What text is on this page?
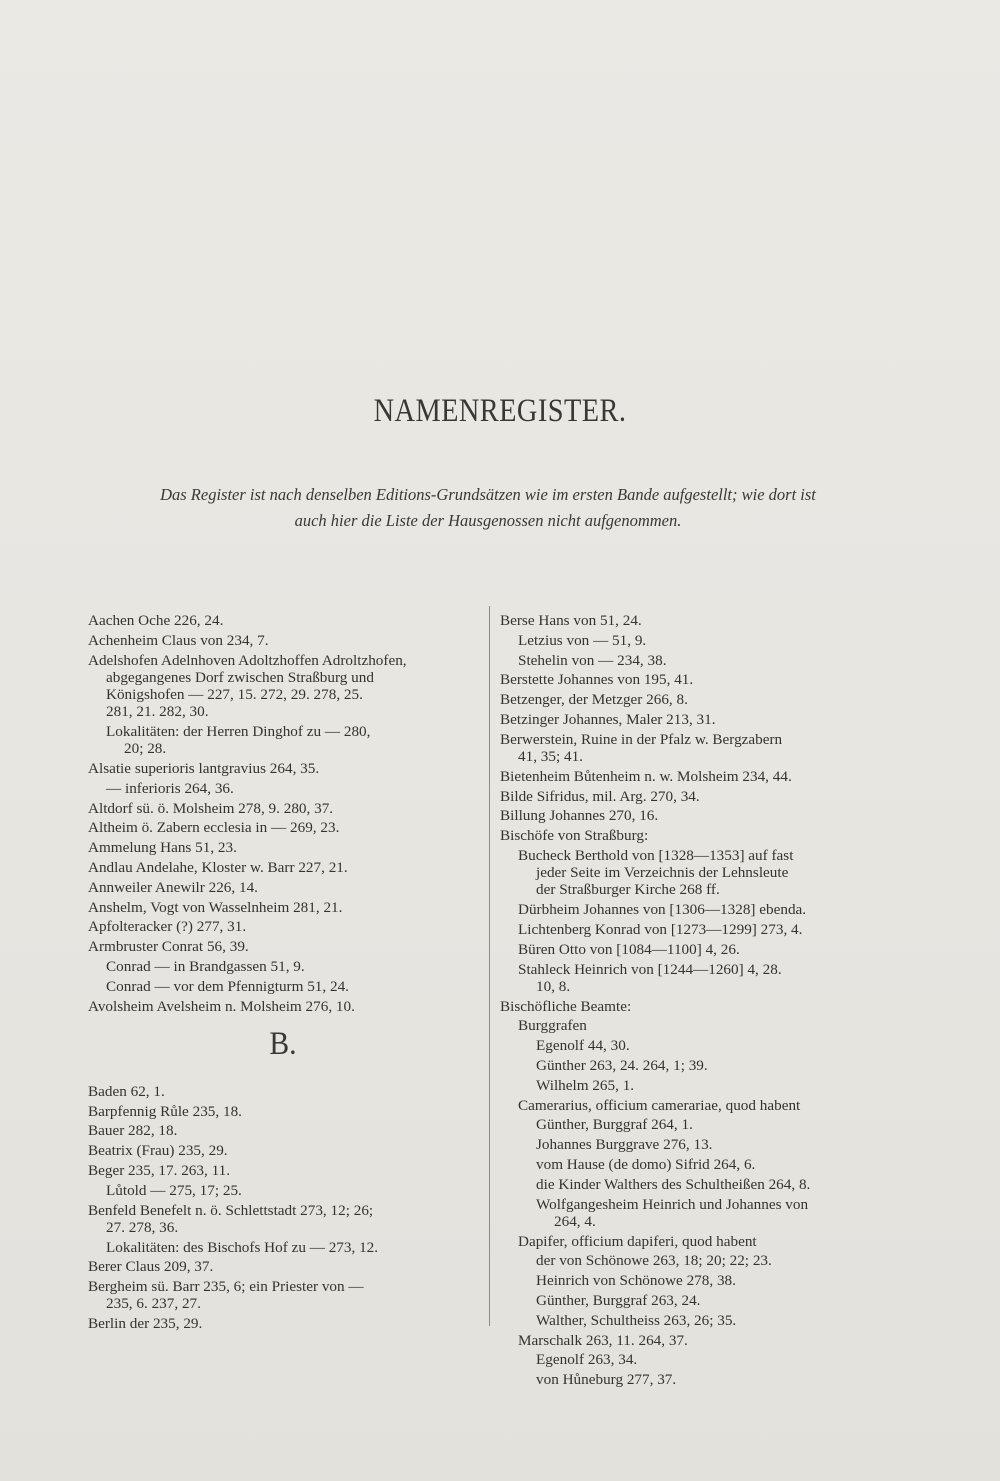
NAMENREGISTER.
Das Register ist nach denselben Editions-Grundsätzen wie im ersten Bande aufgestellt; wie dort ist
auch hier die Liste der Hausgenossen nicht aufgenommen.
Aachen Oche 226, 24.
Achenheim Claus von 234, 7.
Adelshofen Adelnhoven Adoltzhoffen Adroltzhofen,
abgegangenes Dorf zwischen Straßburg und
Königshofen — 227, 15. 272, 29. 278, 25.
281, 21. 282, 30.
Lokalitäten: der Herren Dinghof zu — 280,
20; 28.
Alsatie superioris lantgravius 264, 35.
— inferioris 264, 36.
Altdorf sü. ö. Molsheim 278, 9. 280, 37.
Altheim ö. Zabern ecclesia in — 269, 23.
Ammelung Hans 51, 23.
Andlau Andelahe, Kloster w. Barr 227, 21.
Annweiler Anewilr 226, 14.
Anshelm, Vogt von Wasselnheim 281, 21.
Apfolteracker (?) 277, 31.
Armbruster Conrat 56, 39.
Conrad — in Brandgassen 51, 9.
Conrad — vor dem Pfennigturm 51, 24.
Avolsheim Avelsheim n. Molsheim 276, 10.
B.
Baden 62, 1.
Barpfennig Růle 235, 18.
Bauer 282, 18.
Beatrix (Frau) 235, 29.
Beger 235, 17. 263, 11.
Lůtold — 275, 17; 25.
Benfeld Benefelt n. ö. Schlettstadt 273, 12; 26;
27. 278, 36.
Lokalitäten: des Bischofs Hof zu — 273, 12.
Berer Claus 209, 37.
Bergheim sü. Barr 235, 6; ein Priester von —
235, 6. 237, 27.
Berlin der 235, 29.
Berse Hans von 51, 24.
Letzius von — 51, 9.
Stehelin von — 234, 38.
Berstette Johannes von 195, 41.
Betzenger, der Metzger 266, 8.
Betzinger Johannes, Maler 213, 31.
Berwerstein, Ruine in der Pfalz w. Bergzabern
41, 35; 41.
Bietenheim Bůtenheim n. w. Molsheim 234, 44.
Bilde Sifridus, mil. Arg. 270, 34.
Billung Johannes 270, 16.
Bischöfe von Straßburg:
Bucheck Berthold von [1328—1353] auf fast
jeder Seite im Verzeichnis der Lehnsleute
der Straßburger Kirche 268 ff.
Dürbheim Johannes von [1306—1328] ebenda.
Lichtenberg Konrad von [1273—1299] 273, 4.
Büren Otto von [1084—1100] 4, 26.
Stahleck Heinrich von [1244—1260] 4, 28.
10, 8.
Bischöfliche Beamte:
Burggrafen
Egenolf 44, 30.
Günther 263, 24. 264, 1; 39.
Wilhelm 265, 1.
Camerarius, officium camerariae, quod habent
Günther, Burggraf 264, 1.
Johannes Burggrave 276, 13.
vom Hause (de domo) Sifrid 264, 6.
die Kinder Walthers des Schultheißen 264, 8.
Wolfgangesheim Heinrich und Johannes von
264, 4.
Dapifer, officium dapiferi, quod habent
der von Schönowe 263, 18; 20; 22; 23.
Heinrich von Schönowe 278, 38.
Günther, Burggraf 263, 24.
Walther, Schultheiss 263, 26; 35.
Marschalk 263, 11. 264, 37.
Egenolf 263, 34.
von Hůneburg 277, 37.
